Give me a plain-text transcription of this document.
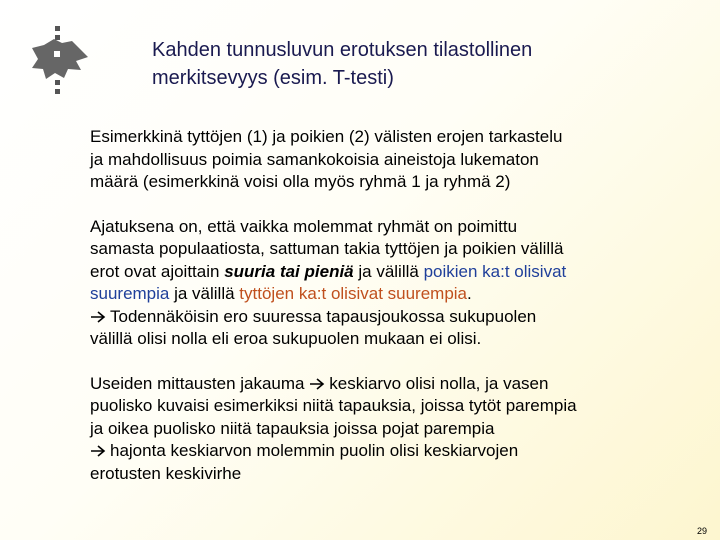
Kahden tunnusluvun erotuksen tilastollinen
merkitsevyys (esim. T-testi)
Esimerkkinä tyttöjen (1) ja poikien (2) välisten erojen tarkastelu
ja mahdollisuus poimia samankokoisia aineistoja lukematon
määrä (esimerkkinä voisi olla myös ryhmä 1 ja ryhmä 2)
Ajatuksena on, että vaikka molemmat ryhmät on poimittu
samasta populaatiosta, sattuman takia tyttöjen ja poikien välillä
erot ovat ajoittain suuria tai pieniä ja välillä poikien ka:t olisivat
suurempia ja välillä tyttöjen ka:t olisivat suurempia.
Todennäköisin ero suuressa tapausjoukossa sukupuolen
välillä olisi nolla eli eroa sukupuolen mukaan ei olisi.
Useiden mittausten jakauma keskiarvo olisi nolla, ja vasen
puolisko kuvaisi esimerkiksi niitä tapauksia, joissa tytöt parempia
ja oikea puolisko niitä tapauksia joissa pojat parempia
hajonta keskiarvon molemmin puolin olisi keskiarvojen
erotusten keskivirhe
29
